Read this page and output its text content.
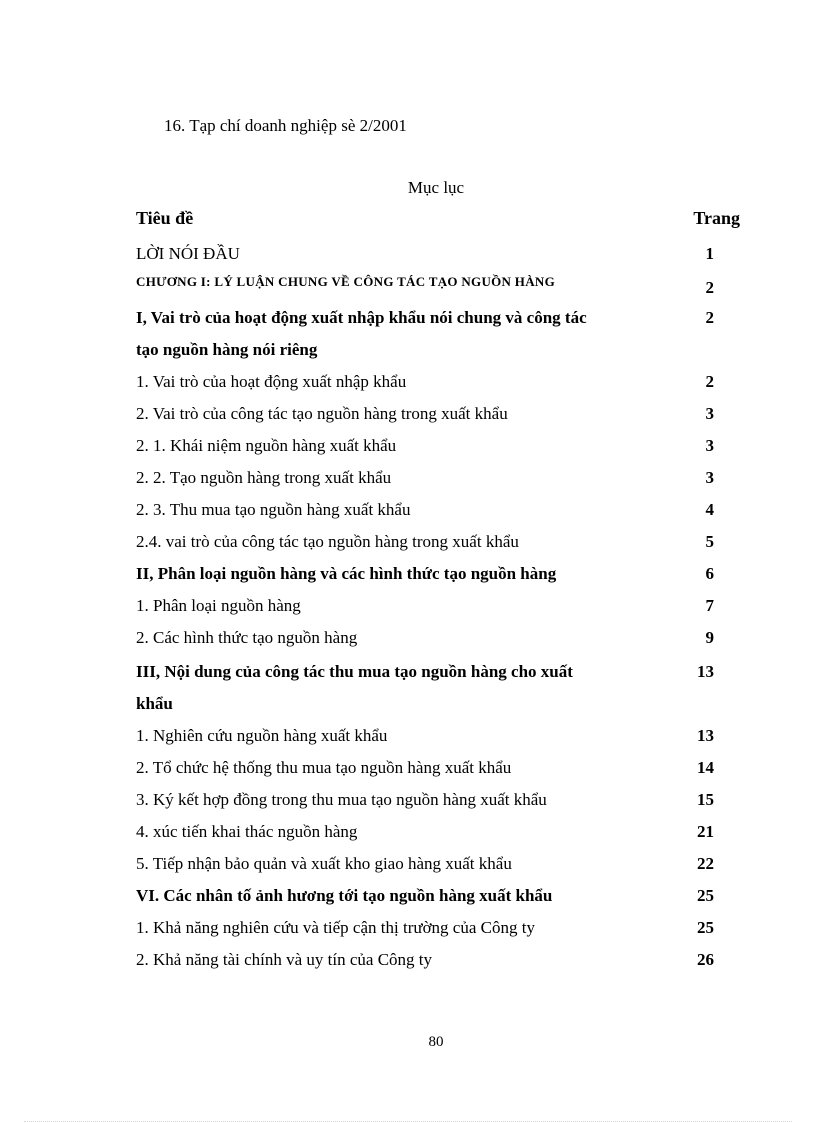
16. Tạp chí doanh nghiệp sè 2/2001
Mục lục
Tiêu đề	Trang
LỜI NÓI ĐẦU	1
CHƯƠNG I: LÝ LUẬN CHUNG VỀ CÔNG TÁC TẠO NGUỒN HÀNG	2
I, Vai trò của hoạt động xuất nhập khẩu nói chung và công tác	2
tạo nguồn hàng nói riêng
1. Vai trò của hoạt động xuất nhập khẩu	2
2. Vai trò của công tác tạo nguồn hàng trong xuất khẩu	3
2. 1. Khái niệm nguồn hàng xuất khẩu	3
2. 2. Tạo nguồn hàng trong xuất khẩu	3
2. 3. Thu mua tạo nguồn hàng xuất khẩu	4
2.4. vai trò của công tác tạo nguồn hàng trong xuất khẩu	5
II, Phân loại nguồn hàng và các hình thức tạo nguồn hàng	6
1. Phân loại nguồn hàng	7
2. Các hình thức tạo nguồn hàng	9
III, Nội dung của công tác thu mua tạo nguồn hàng cho xuất	13
khẩu
1. Nghiên cứu nguồn hàng xuất khẩu	13
2. Tổ chức hệ thống thu mua tạo nguồn hàng xuất khẩu	14
3. Ký kết hợp đồng trong thu mua tạo nguồn hàng xuất khẩu	15
4. xúc tiến khai thác nguồn hàng	21
5. Tiếp nhận bảo quản và xuất kho giao hàng xuất khẩu	22
VI. Các nhân tố ảnh hương tới tạo nguồn hàng xuất khẩu	25
1. Khả năng nghiên cứu và tiếp cận thị trường của Công ty	25
2. Khả năng tài chính và uy tín của Công ty	26
80
